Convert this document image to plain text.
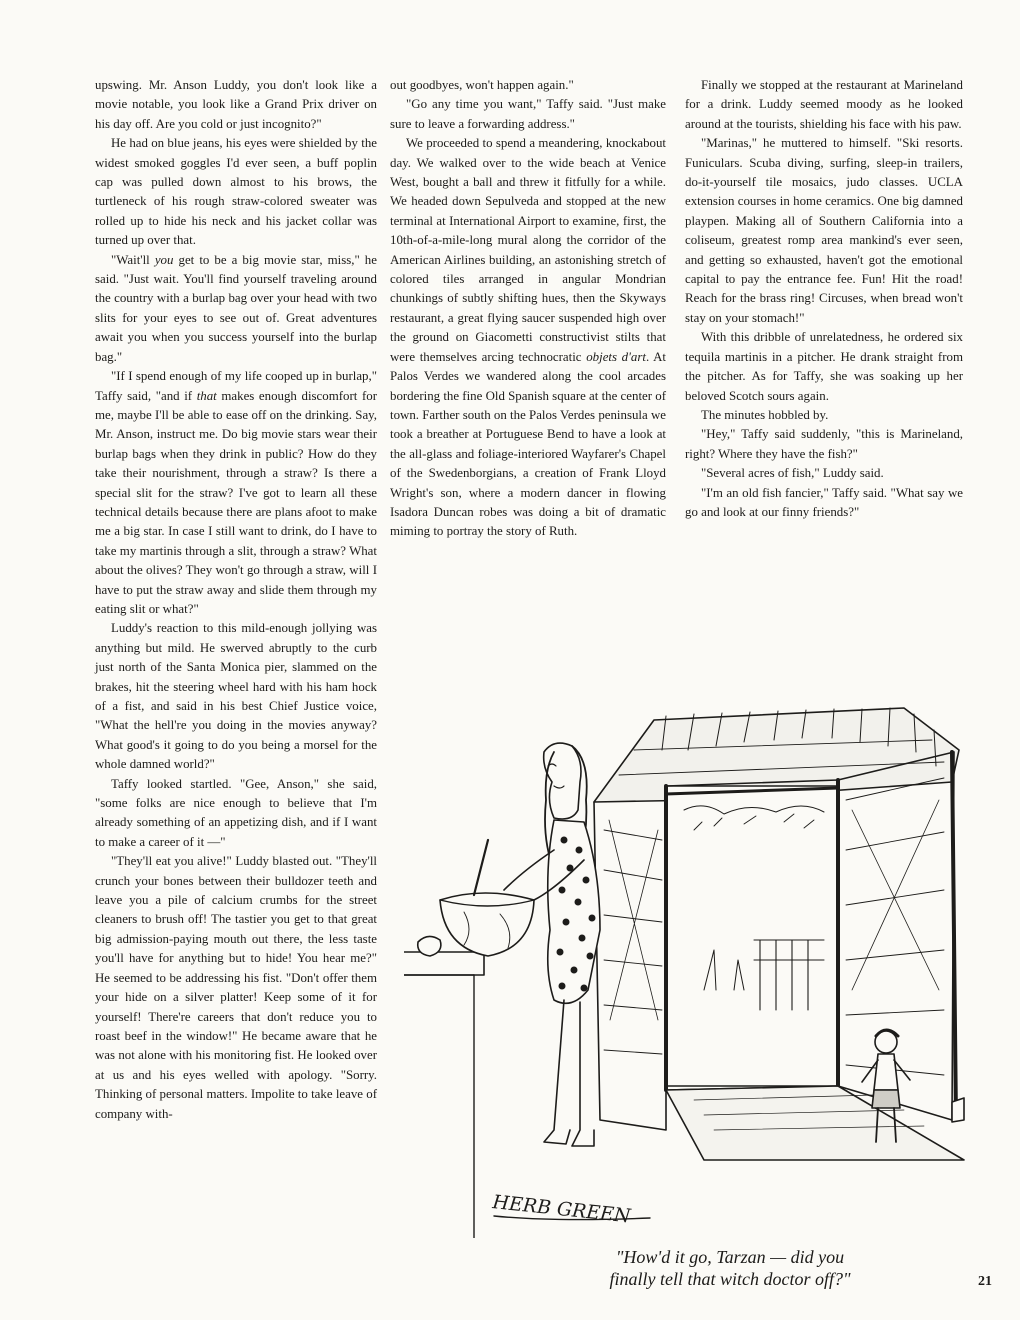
upswing. Mr. Anson Luddy, you don't look like a movie notable, you look like a Grand Prix driver on his day off. Are you cold or just incognito?"

He had on blue jeans, his eyes were shielded by the widest smoked goggles I'd ever seen, a buff poplin cap was pulled down almost to his brows, the turtleneck of his rough straw-colored sweater was rolled up to hide his neck and his jacket collar was turned up over that.

"Wait'll you get to be a big movie star, miss," he said. "Just wait. You'll find yourself traveling around the country with a burlap bag over your head with two slits for your eyes to see out of. Great adventures await you when you success yourself into the burlap bag."

"If I spend enough of my life cooped up in burlap," Taffy said, "and if that makes enough discomfort for me, maybe I'll be able to ease off on the drinking. Say, Mr. Anson, instruct me. Do big movie stars wear their burlap bags when they drink in public? How do they take their nourishment, through a straw? Is there a special slit for the straw? I've got to learn all these technical details because there are plans afoot to make me a big star. In case I still want to drink, do I have to take my martinis through a slit, through a straw? What about the olives? They won't go through a straw, will I have to put the straw away and slide them through my eating slit or what?"

Luddy's reaction to this mild-enough jollying was anything but mild. He swerved abruptly to the curb just north of the Santa Monica pier, slammed on the brakes, hit the steering wheel hard with his ham hock of a fist, and said in his best Chief Justice voice, "What the hell're you doing in the movies anyway? What good's it going to do you being a morsel for the whole damned world?"

Taffy looked startled. "Gee, Anson," she said, "some folks are nice enough to believe that I'm already something of an appetizing dish, and if I want to make a career of it —"

"They'll eat you alive!" Luddy blasted out. "They'll crunch your bones between their bulldozer teeth and leave you a pile of calcium crumbs for the street cleaners to brush off! The tastier you get to that great big admission-paying mouth out there, the less taste you'll have for anything but to hide! You hear me?" He seemed to be addressing his fist. "Don't offer them your hide on a silver platter! Keep some of it for yourself! There're careers that don't reduce you to roast beef in the window!" He became aware that he was not alone with his monitoring fist. He looked over at us and his eyes welled with apology. "Sorry. Thinking of personal matters. Impolite to take leave of company with-

out goodbyes, won't happen again."

"Go any time you want," Taffy said. "Just make sure to leave a forwarding address."

We proceeded to spend a meandering, knockabout day. We walked over to the wide beach at Venice West, bought a ball and threw it fitfully for a while. We headed down Sepulveda and stopped at the new terminal at International Airport to examine, first, the 10th-of-a-mile-long mural along the corridor of the American Airlines building, an astonishing stretch of colored tiles arranged in angular Mondrian chunkings of subtly shifting hues, then the Skyways restaurant, a great flying saucer suspended high over the ground on Giacometti constructivist stilts that were themselves arcing technocratic objets d'art. At Palos Verdes we wandered along the cool arcades bordering the fine Old Spanish square at the center of town. Farther south on the Palos Verdes peninsula we took a breather at Portuguese Bend to have a look at the all-glass and foliage-interiored Wayfarer's Chapel of the Swedenborgians, a creation of Frank Lloyd Wright's son, where a modern dancer in flowing Isadora Duncan robes was doing a bit of dramatic miming to portray the story of Ruth.

Finally we stopped at the restaurant at Marineland for a drink. Luddy seemed moody as he looked around at the tourists, shielding his face with his paw.

"Marinas," he muttered to himself. "Ski resorts. Funiculars. Scuba diving, surfing, sleep-in trailers, do-it-yourself tile mosaics, judo classes. UCLA extension courses in home ceramics. One big damned playpen. Making all of Southern California into a coliseum, greatest romp area mankind's ever seen, and getting so exhausted, haven't got the emotional capital to pay the entrance fee. Fun! Hit the road! Reach for the brass ring! Circuses, when bread won't stay on your stomach!"

With this dribble of unrelatedness, he ordered six tequila martinis in a pitcher. He drank straight from the pitcher. As for Taffy, she was soaking up her beloved Scotch sours again.

The minutes hobbled by.

"Hey," Taffy said suddenly, "this is Marineland, right? Where they have the fish?"

"Several acres of fish," Luddy said.

"I'm an old fish fancier," Taffy said. "What say we go and look at our finny friends?"

HERB GREEN
"How'd it go, Tarzan — did you
finally tell that witch doctor off?"	21
